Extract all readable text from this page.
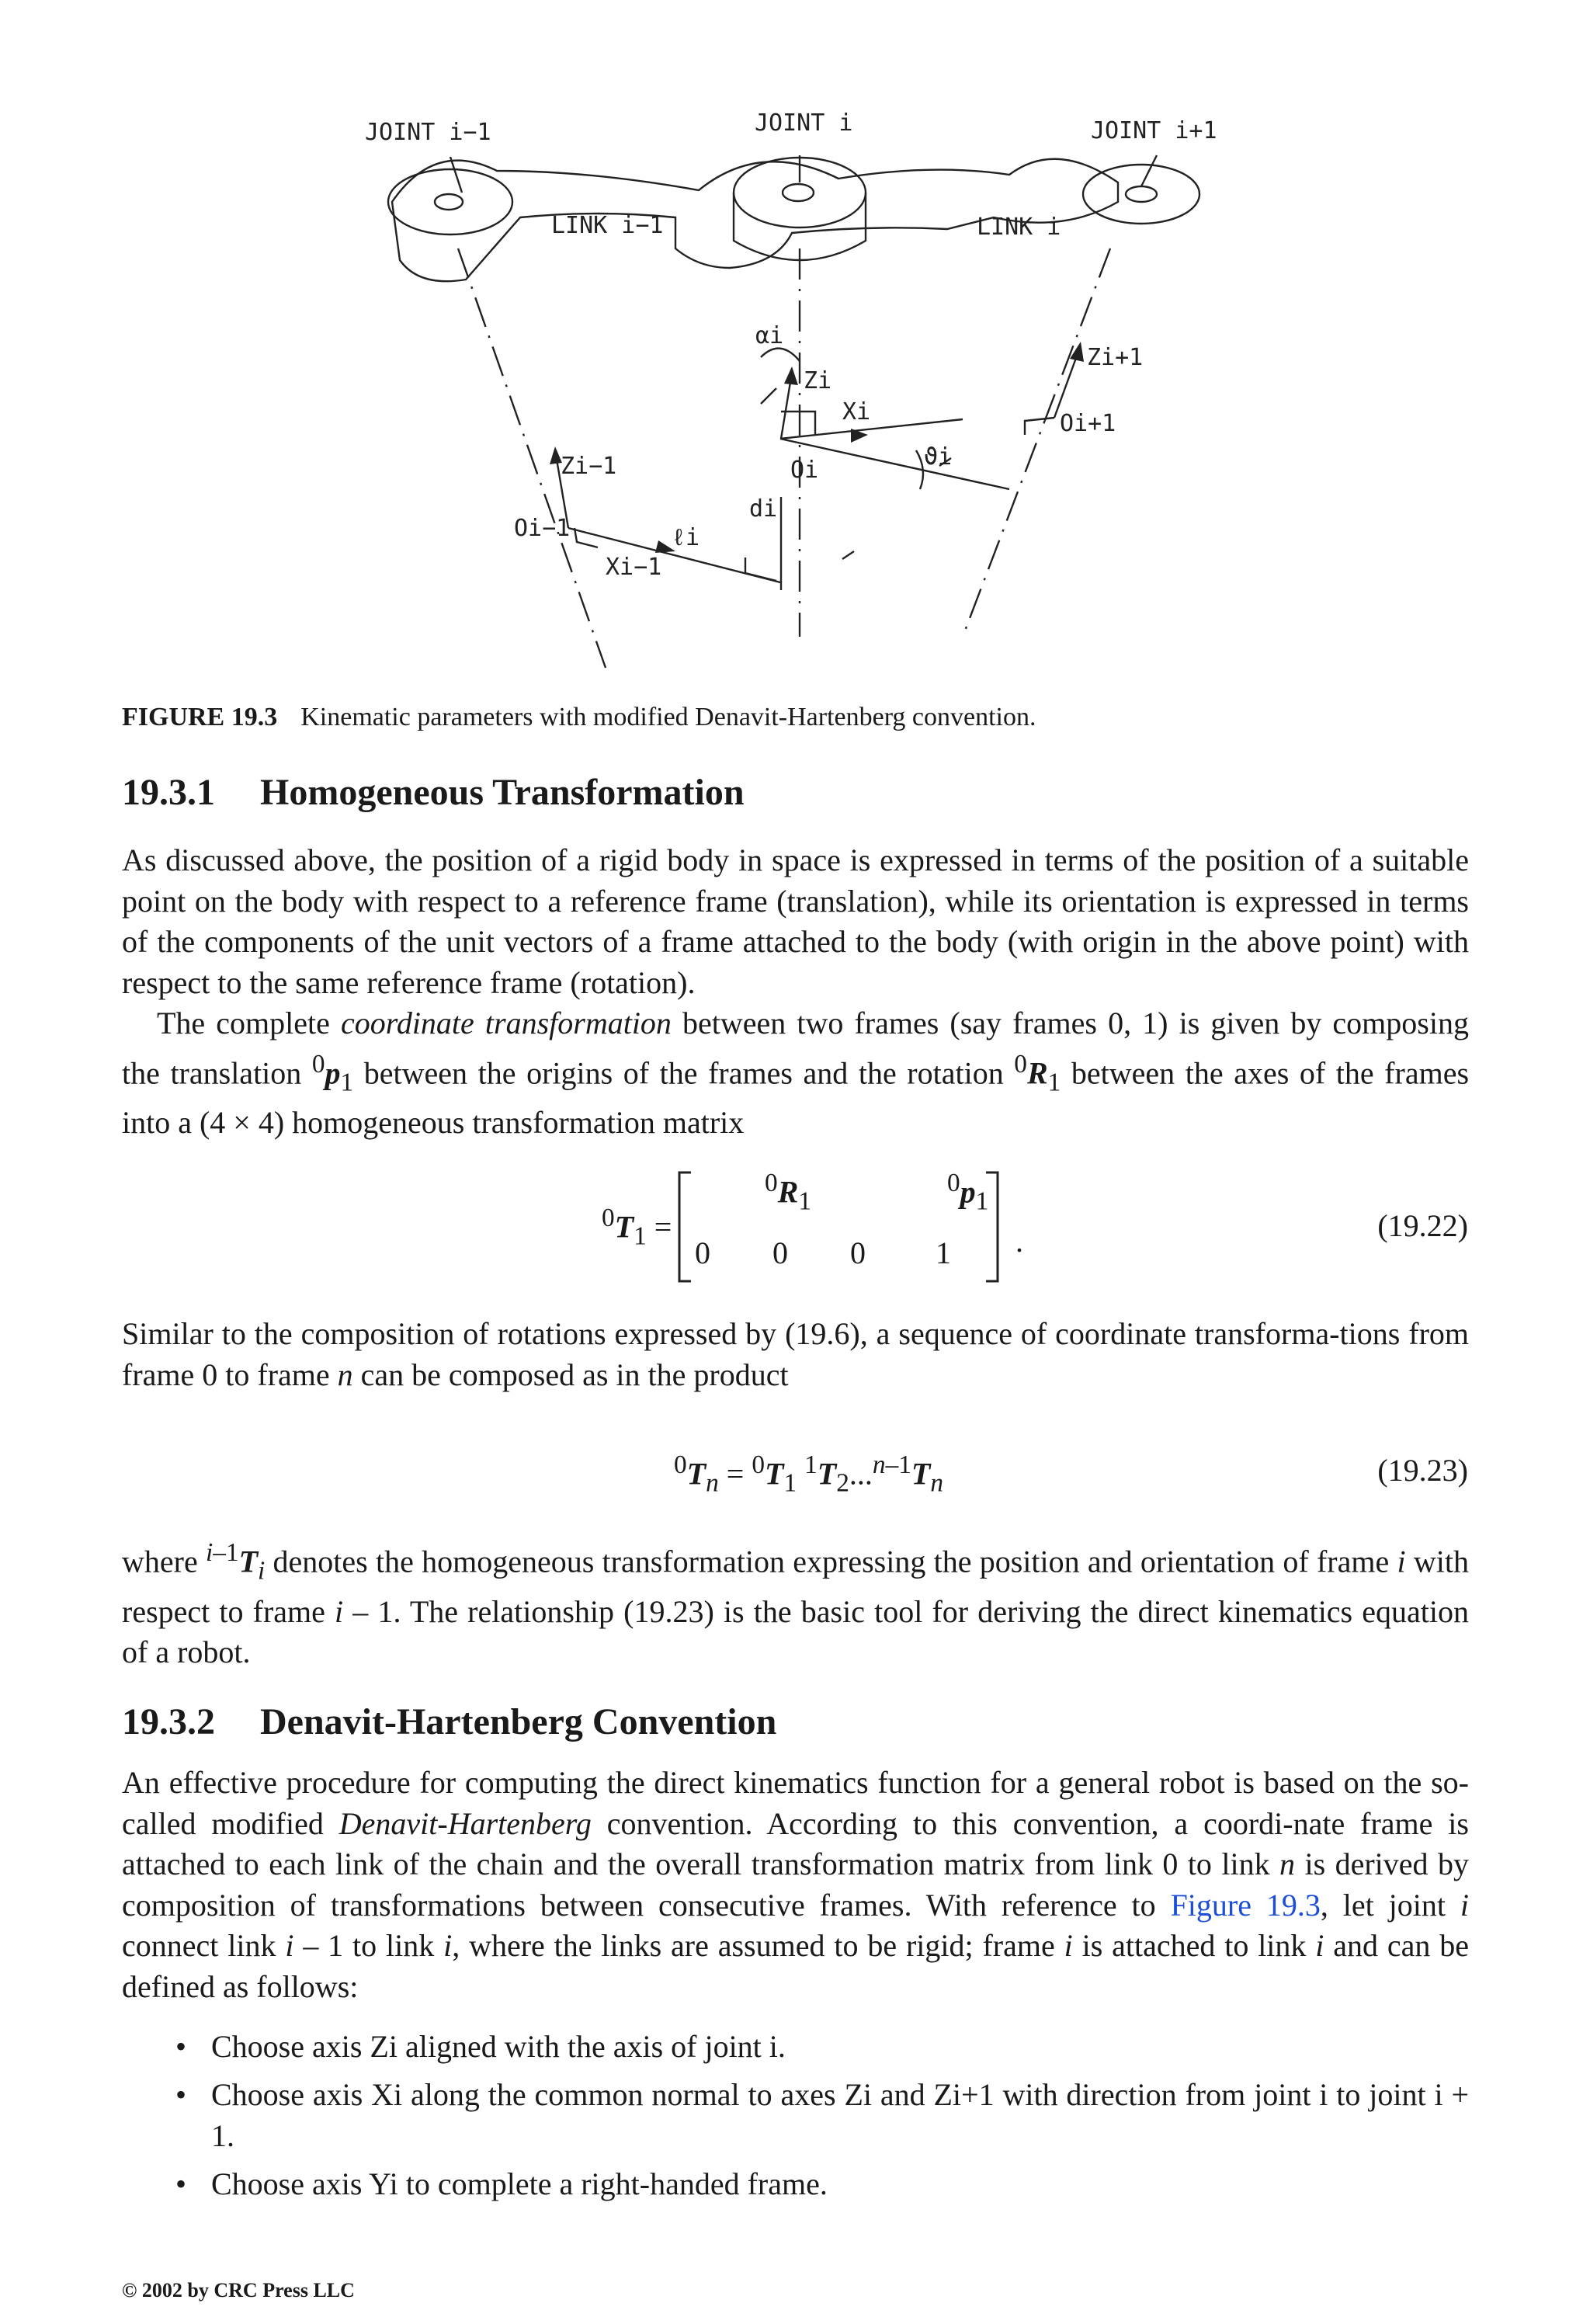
JOINT i−1	JOINT i	JOINT i+1
LINK i−1	LINK i
αi
Zi
Xi
Oi	ϑi
Zi+1
Oi+1
Zi−1
di
Oi−1	ℓi
Xi−1
FIGURE 19.3 Kinematic parameters with modified Denavit-Hartenberg convention.
19.3.1 Homogeneous Transformation
As discussed above, the position of a rigid body in space is expressed in terms of the position of a suitable point on the body with respect to a reference frame (translation), while its orientation is expressed in terms of the components of the unit vectors of a frame attached to the body (with origin in the above point) with respect to the same reference frame (rotation).
The complete coordinate transformation between two frames (say frames 0, 1) is given by composing the translation $^0p_1$ between the origins of the frames and the rotation $^0R_1$ between the axes of the frames into a (4 × 4) homogeneous transformation matrix
$^0T_1$ =
$^0R_1$
$^0p_1$
0 0 0 1 .	(19.22)
Similar to the composition of rotations expressed by (19.6), a sequence of coordinate transforma-tions from frame 0 to frame n can be composed as in the product
$^0T_n = ^0T_1$ $^1T_2...^{n-1}T_n$	(19.23)
where $^{i-1}T_i$ denotes the homogeneous transformation expressing the position and orientation of frame i with respect to frame i – 1. The relationship (19.23) is the basic tool for deriving the direct kinematics equation of a robot.
19.3.2 Denavit-Hartenberg Convention
An effective procedure for computing the direct kinematics function for a general robot is based on the so-called modified Denavit-Hartenberg convention. According to this convention, a coordi-nate frame is attached to each link of the chain and the overall transformation matrix from link 0 to link n is derived by composition of transformations between consecutive frames. With reference to Figure 19.3, let joint i connect link i – 1 to link i, where the links are assumed to be rigid; frame i is attached to link i and can be defined as follows:
• Choose axis Zi aligned with the axis of joint i.
• Choose axis Xi along the common normal to axes Zi and Zi+1 with direction from joint i to joint i + 1.
• Choose axis Yi to complete a right-handed frame.
© 2002 by CRC Press LLC
